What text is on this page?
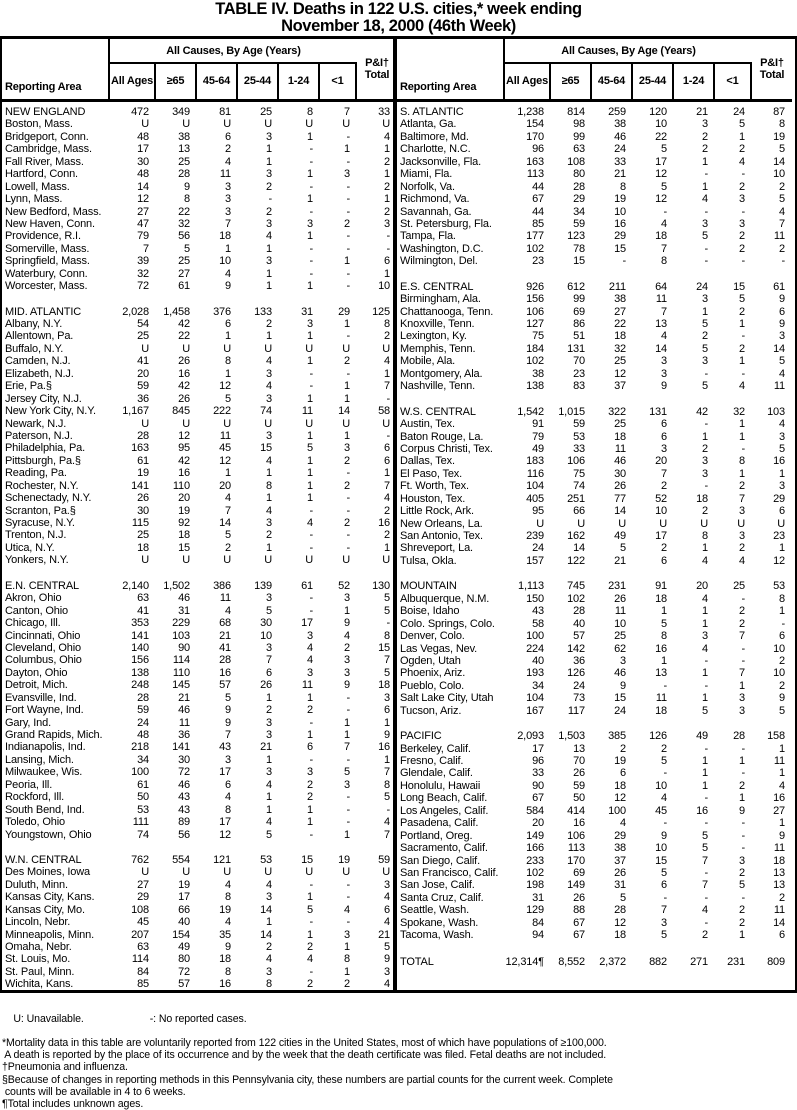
TABLE IV. Deaths in 122 U.S. cities,* week ending
November 18, 2000 (46th Week)
Reporting Area
All Causes, By Age (Years)
All Ages	≥65	45-64	25-44	1-24	<1
P&I†
Total
NEW ENGLAND	472	349	81	25	8	7	33
Boston, Mass.	U	U	U	U	U	U	U
Bridgeport, Conn.	48	38	6	3	1	-	4
Cambridge, Mass.	17	13	2	1	-	1	1
Fall River, Mass.	30	25	4	1	-	-	2
Hartford, Conn.	48	28	11	3	1	3	1
Lowell, Mass.	14	9	3	2	-	-	2
Lynn, Mass.	12	8	3	-	1	-	1
New Bedford, Mass.	27	22	3	2	-	-	2
New Haven, Conn.	47	32	7	3	3	2	3
Providence, R.I.	79	56	18	4	1	-	-
Somerville, Mass.	7	5	1	1	-	-	-
Springfield, Mass.	39	25	10	3	-	1	6
Waterbury, Conn.	32	27	4	1	-	-	1
Worcester, Mass.	72	61	9	1	1	-	10
MID. ATLANTIC	2,028	1,458	376	133	31	29	125
Albany, N.Y.	54	42	6	2	3	1	8
Allentown, Pa.	25	22	1	1	1	-	2
Buffalo, N.Y.	U	U	U	U	U	U	U
Camden, N.J.	41	26	8	4	1	2	4
Elizabeth, N.J.	20	16	1	3	-	-	1
Erie, Pa.§	59	42	12	4	-	1	7
Jersey City, N.J.	36	26	5	3	1	1	-
New York City, N.Y.	1,167	845	222	74	11	14	58
Newark, N.J.	U	U	U	U	U	U	U
Paterson, N.J.	28	12	11	3	1	1	-
Philadelphia, Pa.	163	95	45	15	5	3	6
Pittsburgh, Pa.§	61	42	12	4	1	2	6
Reading, Pa.	19	16	1	1	1	-	1
Rochester, N.Y.	141	110	20	8	1	2	7
Schenectady, N.Y.	26	20	4	1	1	-	4
Scranton, Pa.§	30	19	7	4	-	-	2
Syracuse, N.Y.	115	92	14	3	4	2	16
Trenton, N.J.	25	18	5	2	-	-	2
Utica, N.Y.	18	15	2	1	-	-	1
Yonkers, N.Y.	U	U	U	U	U	U	U
E.N. CENTRAL	2,140	1,502	386	139	61	52	130
Akron, Ohio	63	46	11	3	-	3	5
Canton, Ohio	41	31	4	5	-	1	5
Chicago, Ill.	353	229	68	30	17	9	-
Cincinnati, Ohio	141	103	21	10	3	4	8
Cleveland, Ohio	140	90	41	3	4	2	15
Columbus, Ohio	156	114	28	7	4	3	7
Dayton, Ohio	138	110	16	6	3	3	5
Detroit, Mich.	248	145	57	26	11	9	18
Evansville, Ind.	28	21	5	1	1	-	3
Fort Wayne, Ind.	59	46	9	2	2	-	6
Gary, Ind.	24	11	9	3	-	1	1
Grand Rapids, Mich.	48	36	7	3	1	1	9
Indianapolis, Ind.	218	141	43	21	6	7	16
Lansing, Mich.	34	30	3	1	-	-	1
Milwaukee, Wis.	100	72	17	3	3	5	7
Peoria, Ill.	61	46	6	4	2	3	8
Rockford, Ill.	50	43	4	1	2	-	5
South Bend, Ind.	53	43	8	1	1	-	-
Toledo, Ohio	111	89	17	4	1	-	4
Youngstown, Ohio	74	56	12	5	-	1	7
W.N. CENTRAL	762	554	121	53	15	19	59
Des Moines, Iowa	U	U	U	U	U	U	U
Duluth, Minn.	27	19	4	4	-	-	3
Kansas City, Kans.	29	17	8	3	1	-	4
Kansas City, Mo.	108	66	19	14	5	4	6
Lincoln, Nebr.	45	40	4	1	-	-	4
Minneapolis, Minn.	207	154	35	14	1	3	21
Omaha, Nebr.	63	49	9	2	2	1	5
St. Louis, Mo.	114	80	18	4	4	8	9
St. Paul, Minn.	84	72	8	3	-	1	3
Wichita, Kans.	85	57	16	8	2	2	4
Reporting Area
All Causes, By Age (Years)
All Ages	≥65	45-64	25-44	1-24	<1
P&I†
Total
S. ATLANTIC	1,238	814	259	120	21	24	87
Atlanta, Ga.	154	98	38	10	3	5	8
Baltimore, Md.	170	99	46	22	2	1	19
Charlotte, N.C.	96	63	24	5	2	2	5
Jacksonville, Fla.	163	108	33	17	1	4	14
Miami, Fla.	113	80	21	12	-	-	10
Norfolk, Va.	44	28	8	5	1	2	2
Richmond, Va.	67	29	19	12	4	3	5
Savannah, Ga.	44	34	10	-	-	-	4
St. Petersburg, Fla.	85	59	16	4	3	3	7
Tampa, Fla.	177	123	29	18	5	2	11
Washington, D.C.	102	78	15	7	-	2	2
Wilmington, Del.	23	15	-	8	-	-	-
E.S. CENTRAL	926	612	211	64	24	15	61
Birmingham, Ala.	156	99	38	11	3	5	9
Chattanooga, Tenn.	106	69	27	7	1	2	6
Knoxville, Tenn.	127	86	22	13	5	1	9
Lexington, Ky.	75	51	18	4	2	-	3
Memphis, Tenn.	184	131	32	14	5	2	14
Mobile, Ala.	102	70	25	3	3	1	5
Montgomery, Ala.	38	23	12	3	-	-	4
Nashville, Tenn.	138	83	37	9	5	4	11
W.S. CENTRAL	1,542	1,015	322	131	42	32	103
Austin, Tex.	91	59	25	6	-	1	4
Baton Rouge, La.	79	53	18	6	1	1	3
Corpus Christi, Tex.	49	33	11	3	2	-	5
Dallas, Tex.	183	106	46	20	3	8	16
El Paso, Tex.	116	75	30	7	3	1	1
Ft. Worth, Tex.	104	74	26	2	-	2	3
Houston, Tex.	405	251	77	52	18	7	29
Little Rock, Ark.	95	66	14	10	2	3	6
New Orleans, La.	U	U	U	U	U	U	U
San Antonio, Tex.	239	162	49	17	8	3	23
Shreveport, La.	24	14	5	2	1	2	1
Tulsa, Okla.	157	122	21	6	4	4	12
MOUNTAIN	1,113	745	231	91	20	25	53
Albuquerque, N.M.	150	102	26	18	4	-	8
Boise, Idaho	43	28	11	1	1	2	1
Colo. Springs, Colo.	58	40	10	5	1	2	-
Denver, Colo.	100	57	25	8	3	7	6
Las Vegas, Nev.	224	142	62	16	4	-	10
Ogden, Utah	40	36	3	1	-	-	2
Phoenix, Ariz.	193	126	46	13	1	7	10
Pueblo, Colo.	34	24	9	-	-	1	2
Salt Lake City, Utah	104	73	15	11	1	3	9
Tucson, Ariz.	167	117	24	18	5	3	5
PACIFIC	2,093	1,503	385	126	49	28	158
Berkeley, Calif.	17	13	2	2	-	-	1
Fresno, Calif.	96	70	19	5	1	1	11
Glendale, Calif.	33	26	6	-	1	-	1
Honolulu, Hawaii	90	59	18	10	1	2	4
Long Beach, Calif.	67	50	12	4	-	1	16
Los Angeles, Calif.	584	414	100	45	16	9	27
Pasadena, Calif.	20	16	4	-	-	-	1
Portland, Oreg.	149	106	29	9	5	-	9
Sacramento, Calif.	166	113	38	10	5	-	11
San Diego, Calif.	233	170	37	15	7	3	18
San Francisco, Calif.	102	69	26	5	-	2	13
San Jose, Calif.	198	149	31	6	7	5	13
Santa Cruz, Calif.	31	26	5	-	-	-	2
Seattle, Wash.	129	88	28	7	4	2	11
Spokane, Wash.	84	67	12	3	-	2	14
Tacoma, Wash.	94	67	18	5	2	1	6
TOTAL	12,314¶	8,552	2,372	882	271	231	809

U: Unavailable.	-: No reported cases.

*Mortality data in this table are voluntarily reported from 122 cities in the United States, most of which have populations of ≥100,000.
A death is reported by the place of its occurrence and by the week that the death certificate was filed. Fetal deaths are not included.
†Pneumonia and influenza.
§Because of changes in reporting methods in this Pennsylvania city, these numbers are partial counts for the current week. Complete
counts will be available in 4 to 6 weeks.
¶Total includes unknown ages.
